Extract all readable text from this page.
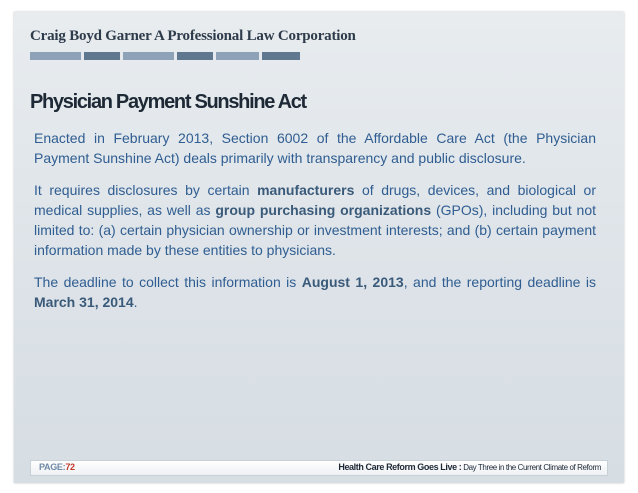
Craig Boyd Garner A Professional Law Corporation
Physician Payment Sunshine Act

Enacted in February 2013, Section 6002 of the Affordable Care Act (the Physician Payment Sunshine Act) deals primarily with transparency and public disclosure.

It requires disclosures by certain manufacturers of drugs, devices, and biological or medical supplies, as well as group purchasing organizations (GPOs), including but not limited to: (a) certain physician ownership or investment interests; and (b) certain payment information made by these entities to physicians.

The deadline to collect this information is August 1, 2013, and the reporting deadline is March 31, 2014.

PAGE:72	Health Care Reform Goes Live : Day Three in the Current Climate of Reform
